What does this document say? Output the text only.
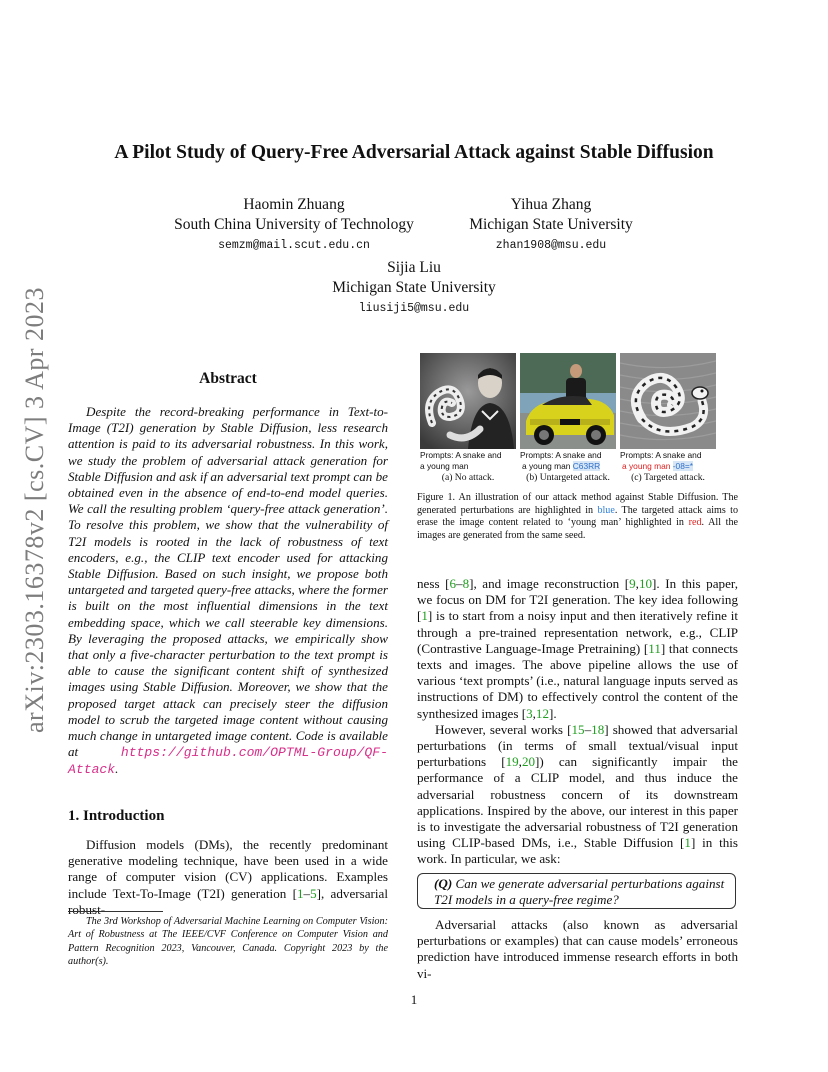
arXiv:2303.16378v2 [cs.CV] 3 Apr 2023
A Pilot Study of Query-Free Adversarial Attack against Stable Diffusion
Haomin Zhuang
South China University of Technology
semzm@mail.scut.edu.cn
Yihua Zhang
Michigan State University
zhan1908@msu.edu
Sijia Liu
Michigan State University
liusiji5@msu.edu
Abstract

Despite the record-breaking performance in Text-to-Image (T2I) generation by Stable Diffusion, less research attention is paid to its adversarial robustness. In this work, we study the problem of adversarial attack generation for Stable Diffusion and ask if an adversarial text prompt can be obtained even in the absence of end-to-end model queries. We call the resulting problem ‘query-free attack generation’. To resolve this problem, we show that the vulnerability of T2I models is rooted in the lack of robustness of text encoders, e.g., the CLIP text encoder used for attacking Stable Diffusion. Based on such insight, we propose both untargeted and targeted query-free attacks, where the former is built on the most influential dimensions in the text embedding space, which we call steerable key dimensions. By leveraging the proposed attacks, we empirically show that only a five-character perturbation to the text prompt is able to cause the significant content shift of synthesized images using Stable Diffusion. Moreover, we show that the proposed target attack can precisely steer the diffusion model to scrub the targeted image content without causing much change in untargeted image content. Code is available at	https://github.com/OPTML-Group/QF-Attack.

1. Introduction

Diffusion models (DMs), the recently predominant generative modeling technique, have been used in a wide range of computer vision (CV) applications. Examples include Text-To-Image (T2I) generation [1–5], adversarial robust-

The 3rd Workshop of Adversarial Machine Learning on Computer Vision: Art of Robustness at The IEEE/CVF Conference on Computer Vision and Pattern Recognition 2023, Vancouver, Canada. Copyright 2023 by the author(s).
Prompts: A snake and
a young man
Prompts: A snake and
a young man C63RR
Prompts: A snake and
a young man -08=*
(a) No attack.	(b) Untargeted attack.	(c) Targeted attack.
Figure 1. An illustration of our attack method against Stable Diffusion. The generated perturbations are highlighted in blue. The targeted attack aims to erase the image content related to ‘young man’ highlighted in red. All the images are generated from the same seed.

ness [6–8], and image reconstruction [9,10]. In this paper, we focus on DM for T2I generation. The key idea following [1] is to start from a noisy input and then iteratively refine it through a pre-trained representation network, e.g., CLIP (Contrastive Language-Image Pretraining) [11] that connects texts and images. The above pipeline allows the use of various ‘text prompts’ (i.e., natural language inputs served as instructions of DM) to effectively control the content of the synthesized images [3,12].

However, several works [15–18] showed that adversarial perturbations (in terms of small textual/visual input perturbations [19,20]) can significantly impair the performance of a CLIP model, and thus induce the adversarial robustness concern of its downstream applications. Inspired by the above, our interest in this paper is to investigate the adversarial robustness of T2I generation using CLIP-based DMs, i.e., Stable Diffusion [1] in this work. In particular, we ask:

(Q) Can we generate adversarial perturbations against T2I models in a query-free regime?

Adversarial attacks (also known as adversarial perturbations or examples) that can cause models’ erroneous prediction have introduced immense research efforts in both vi-

1
